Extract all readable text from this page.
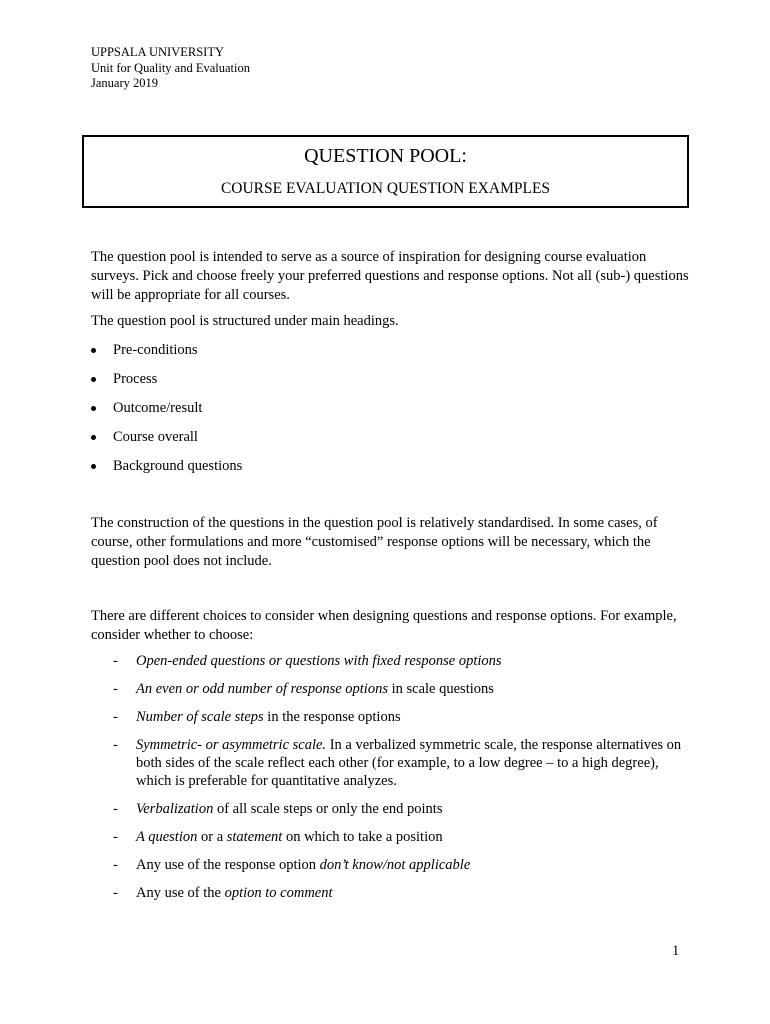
UPPSALA UNIVERSITY
Unit for Quality and Evaluation
January 2019
QUESTION POOL:
COURSE EVALUATION QUESTION EXAMPLES

The question pool is intended to serve as a source of inspiration for designing course evaluation surveys. Pick and choose freely your preferred questions and response options. Not all (sub-) questions will be appropriate for all courses.

The question pool is structured under main headings.

Pre-conditions
Process
Outcome/result
Course overall
Background questions

The construction of the questions in the question pool is relatively standardised. In some cases, of course, other formulations and more “customised” response options will be necessary, which the question pool does not include.

There are different choices to consider when designing questions and response options. For example, consider whether to choose:

- Open-ended questions or questions with fixed response options
- An even or odd number of response options in scale questions
- Number of scale steps in the response options
- Symmetric- or asymmetric scale. In a verbalized symmetric scale, the response alternatives on both sides of the scale reflect each other (for example, to a low degree – to a high degree), which is preferable for quantitative analyzes.
- Verbalization of all scale steps or only the end points
- A question or a statement on which to take a position
- Any use of the response option don’t know/not applicable
- Any use of the option to comment
1
